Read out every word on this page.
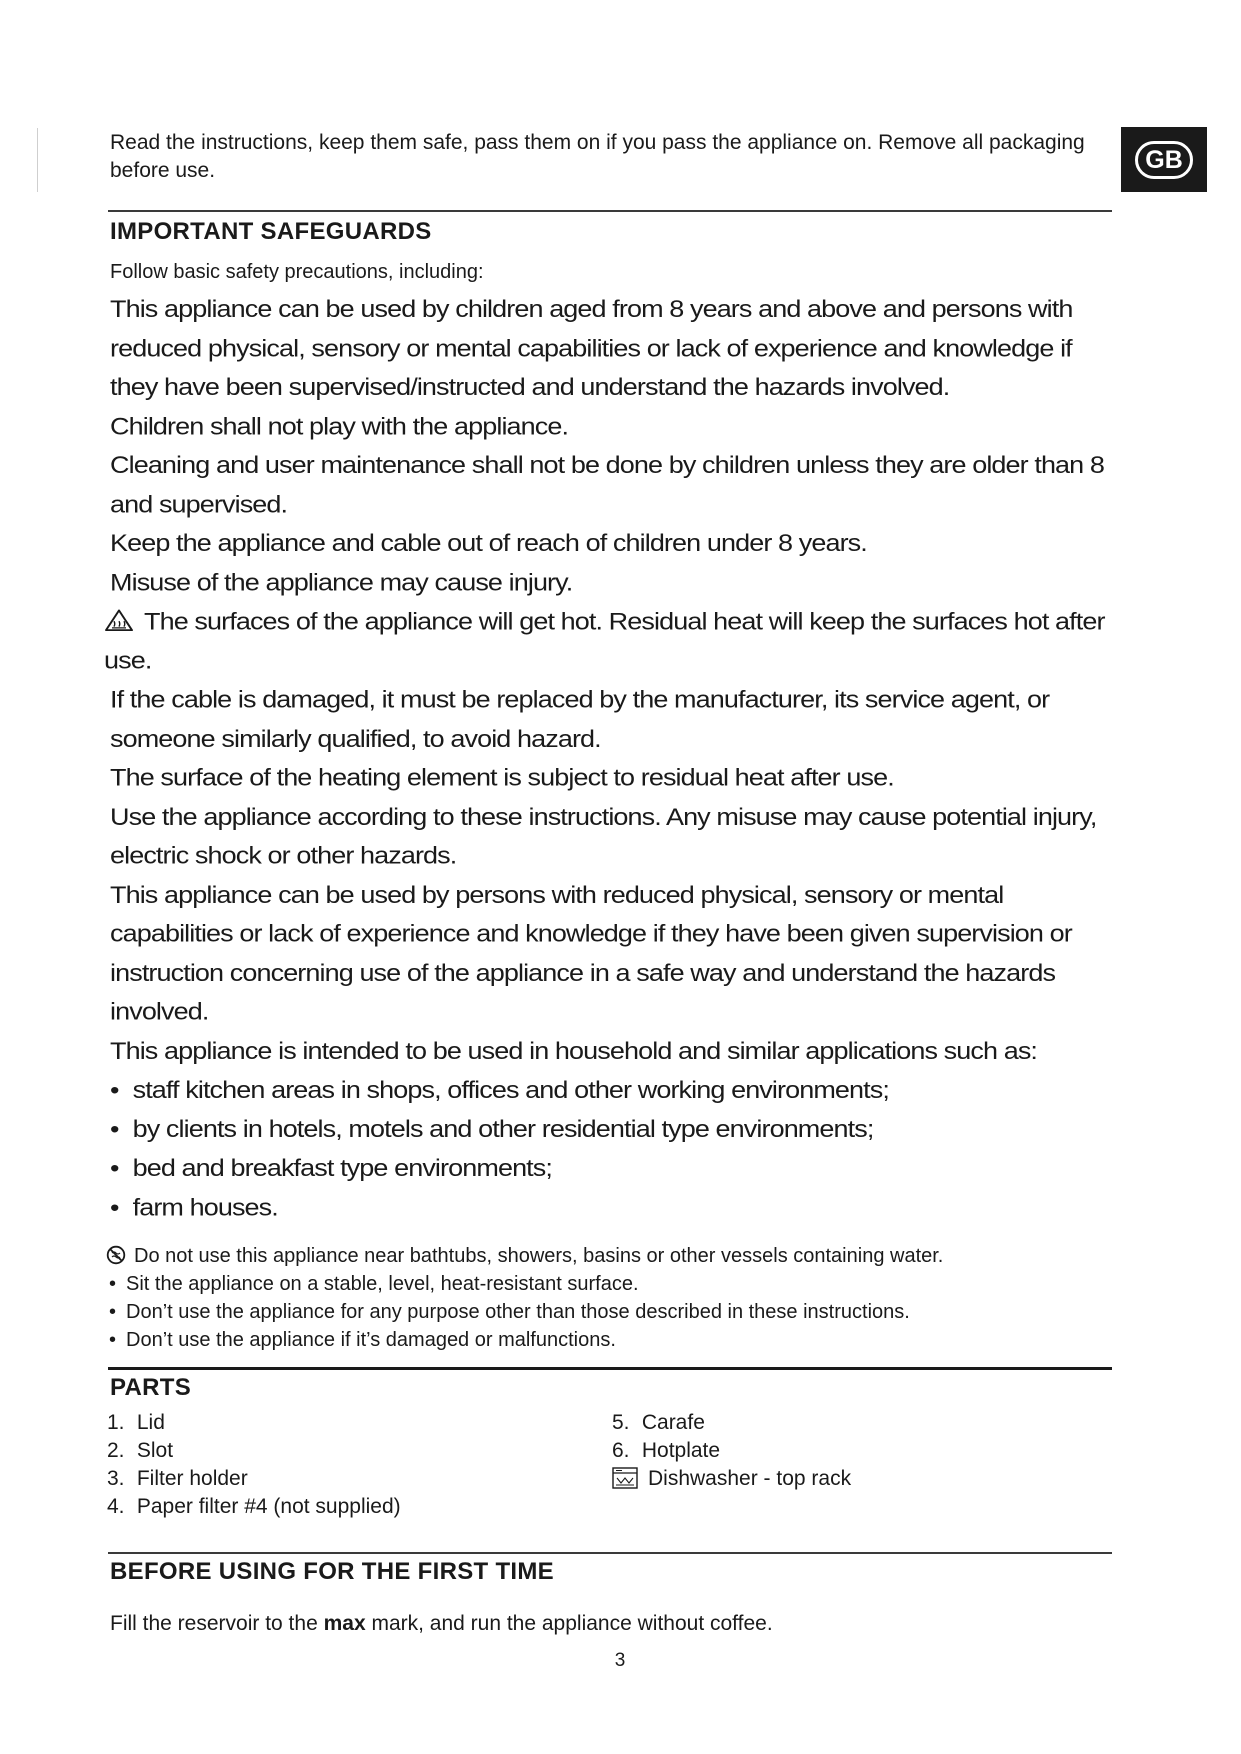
Read the instructions, keep them safe, pass them on if you pass the appliance on. Remove all packaging before use.	GB
IMPORTANT SAFEGUARDS
Follow basic safety precautions, including:

This appliance can be used by children aged from 8 years and above and persons with reduced physical, sensory or mental capabilities or lack of experience and knowledge if they have been supervised/instructed and understand the hazards involved.

Children shall not play with the appliance.

Cleaning and user maintenance shall not be done by children unless they are older than 8 and supervised.

Keep the appliance and cable out of reach of children under 8 years.

Misuse of the appliance may cause injury.

The surfaces of the appliance will get hot. Residual heat will keep the surfaces hot after use.

If the cable is damaged, it must be replaced by the manufacturer, its service agent, or someone similarly qualified, to avoid hazard.

The surface of the heating element is subject to residual heat after use.

Use the appliance according to these instructions. Any misuse may cause potential injury, electric shock or other hazards.

This appliance can be used by persons with reduced physical, sensory or mental capabilities or lack of experience and knowledge if they have been given supervision or instruction concerning use of the appliance in a safe way and understand the hazards involved.

This appliance is intended to be used in household and similar applications such as:

• staff kitchen areas in shops, offices and other working environments;

• by clients in hotels, motels and other residential type environments;

• bed and breakfast type environments;

• farm houses.

Do not use this appliance near bathtubs, showers, basins or other vessels containing water.
• Sit the appliance on a stable, level, heat-resistant surface.
• Don’t use the appliance for any purpose other than those described in these instructions.
• Don’t use the appliance if it’s damaged or malfunctions.
PARTS
1. Lid
2. Slot
3. Filter holder
4. Paper filter #4 (not supplied)
5. Carafe
6. Hotplate
Dishwasher - top rack
BEFORE USING FOR THE FIRST TIME
Fill the reservoir to the max mark, and run the appliance without coffee.
3
